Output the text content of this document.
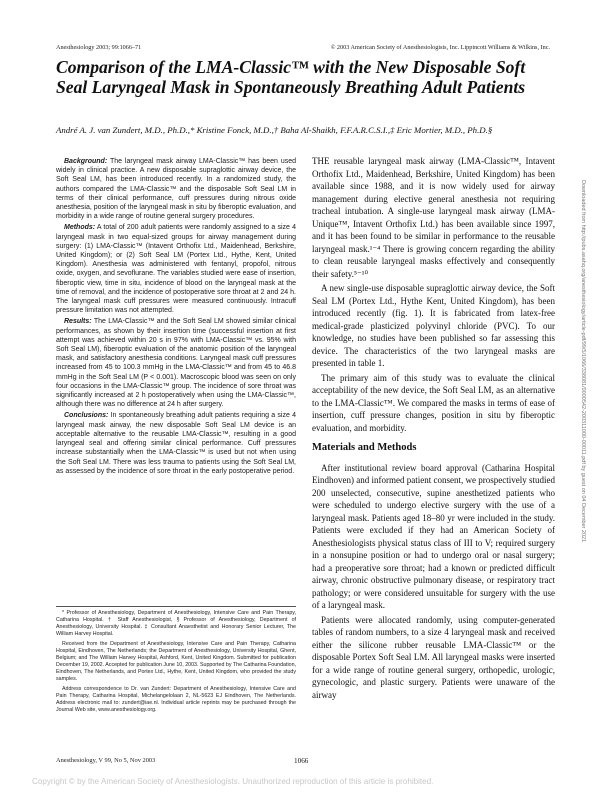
Anesthesiology 2003; 99:1066–71	© 2003 American Society of Anesthesiologists, Inc. Lippincott Williams & Wilkins, Inc.
Comparison of the LMA-Classic™ with the New Disposable Soft Seal Laryngeal Mask in Spontaneously Breathing Adult Patients

André A. J. van Zundert, M.D., Ph.D.,* Kristine Fonck, M.D.,† Baha Al-Shaikh, F.F.A.R.C.S.I.,‡ Eric Mortier, M.D., Ph.D.§

Background: The laryngeal mask airway LMA-Classic™ has been used widely in clinical practice. A new disposable supraglottic airway device, the Soft Seal LM, has been introduced recently. In a randomized study, the authors compared the LMA-Classic™ and the disposable Soft Seal LM in terms of their clinical performance, cuff pressures during nitrous oxide anesthesia, position of the laryngeal mask in situ by fiberoptic evaluation, and morbidity in a wide range of routine general surgery procedures.

Methods: A total of 200 adult patients were randomly assigned to a size 4 laryngeal mask in two equal-sized groups for airway management during surgery: (1) LMA-Classic™ (Intavent Orthofix Ltd., Maidenhead, Berkshire, United Kingdom); or (2) Soft Seal LM (Portex Ltd., Hythe, Kent, United Kingdom). Anesthesia was administered with fentanyl, propofol, nitrous oxide, oxygen, and sevoflurane. The variables studied were ease of insertion, fiberoptic view, time in situ, incidence of blood on the laryngeal mask at the time of removal, and the incidence of postoperative sore throat at 2 and 24 h. The laryngeal mask cuff pressures were measured continuously. Intracuff pressure limitation was not attempted.

Results: The LMA-Classic™ and the Soft Seal LM showed similar clinical performances, as shown by their insertion time (successful insertion at first attempt was achieved within 20 s in 97% with LMA-Classic™ vs. 95% with Soft Seal LM), fiberoptic evaluation of the anatomic position of the laryngeal mask, and satisfactory anesthesia conditions. Laryngeal mask cuff pressures increased from 45 to 100.3 mmHg in the LMA-Classic™ and from 45 to 46.8 mmHg in the Soft Seal LM (P < 0.001). Macroscopic blood was seen on only four occasions in the LMA-Classic™ group. The incidence of sore throat was significantly increased at 2 h postoperatively when using the LMA-Classic™, although there was no difference at 24 h after surgery.

Conclusions: In spontaneously breathing adult patients requiring a size 4 laryngeal mask airway, the new disposable Soft Seal LM device is an acceptable alternative to the reusable LMA-Classic™, resulting in a good laryngeal seal and offering similar clinical performance. Cuff pressures increase substantially when the LMA-Classic™ is used but not when using the Soft Seal LM. There was less trauma to patients using the Soft Seal LM, as assessed by the incidence of sore throat in the early postoperative period.

* Professor of Anesthesiology, Department of Anesthesiology, Intensive Care and Pain Therapy, Catharina Hospital. † Staff Anesthesiologist, § Professor of Anesthesiology, Department of Anesthesiology, University Hospital. ‡ Consultant Anaesthetist and Honorary Senior Lecturer, The William Harvey Hospital.

Received from the Department of Anesthesiology, Intensive Care and Pain Therapy, Catharina Hospital, Eindhoven, The Netherlands; the Department of Anesthesiology, University Hospital, Ghent, Belgium; and The William Harvey Hospital, Ashford, Kent, United Kingdom. Submitted for publication December 19, 2002. Accepted for publication June 10, 2003. Supported by The Catharina Foundation, Eindhoven, The Netherlands, and Portex Ltd., Hythe, Kent, United Kingdom, who provided the study samples.

Address correspondence to Dr. van Zundert: Department of Anesthesiology, Intensive Care and Pain Therapy, Catharina Hospital, Michelangelolaan 2, NL-5623 EJ Eindhoven, The Netherlands. Address electronic mail to: zundert@iae.nl. Individual article reprints may be purchased through the Journal Web site, www.anesthesiology.org.

THE reusable laryngeal mask airway (LMA-Classic™, Intavent Orthofix Ltd., Maidenhead, Berkshire, United Kingdom) has been available since 1988, and it is now widely used for airway management during elective general anesthesia not requiring tracheal intubation. A single-use laryngeal mask airway (LMA-Unique™, Intavent Orthofix Ltd.) has been available since 1997, and it has been found to be similar in performance to the reusable laryngeal mask.¹⁻⁴ There is growing concern regarding the ability to clean reusable laryngeal masks effectively and consequently their safety.⁵⁻¹⁰

A new single-use disposable supraglottic airway device, the Soft Seal LM (Portex Ltd., Hythe Kent, United Kingdom), has been introduced recently (fig. 1). It is fabricated from latex-free medical-grade plasticized polyvinyl chloride (PVC). To our knowledge, no studies have been published so far assessing this device. The characteristics of the two laryngeal masks are presented in table 1.

The primary aim of this study was to evaluate the clinical acceptability of the new device, the Soft Seal LM, as an alternative to the LMA-Classic™. We compared the masks in terms of ease of insertion, cuff pressure changes, position in situ by fiberoptic evaluation, and morbidity.

Materials and Methods

After institutional review board approval (Catharina Hospital Eindhoven) and informed patient consent, we prospectively studied 200 unselected, consecutive, supine anesthetized patients who were scheduled to undergo elective surgery with the use of a laryngeal mask. Patients aged 18–80 yr were included in the study. Patients were excluded if they had an American Society of Anesthesiologists physical status class of III to V; required surgery in a nonsupine position or had to undergo oral or nasal surgery; had a preoperative sore throat; had a known or predicted difficult airway, chronic obstructive pulmonary disease, or respiratory tract pathology; or were considered unsuitable for surgery with the use of a laryngeal mask.

Patients were allocated randomly, using computer-generated tables of random numbers, to a size 4 laryngeal mask and received either the silicone rubber reusable LMA-Classic™ or the disposable Portex Soft Seal LM. All laryngeal masks were inserted for a wide range of routine general surgery, orthopedic, urologic, gynecologic, and plastic surgery. Patients were unaware of the airway

Anesthesiology, V 99, No 5, Nov 2003	1066
Copyright © by the American Society of Anesthesiologists. Unauthorized reproduction of this article is prohibited.
Downloaded from http://pubs.asahq.org/anesthesiology/article-pdf/99/5/1066/338081/0000542-200311000-00011.pdf by guest on 04 December 2021
